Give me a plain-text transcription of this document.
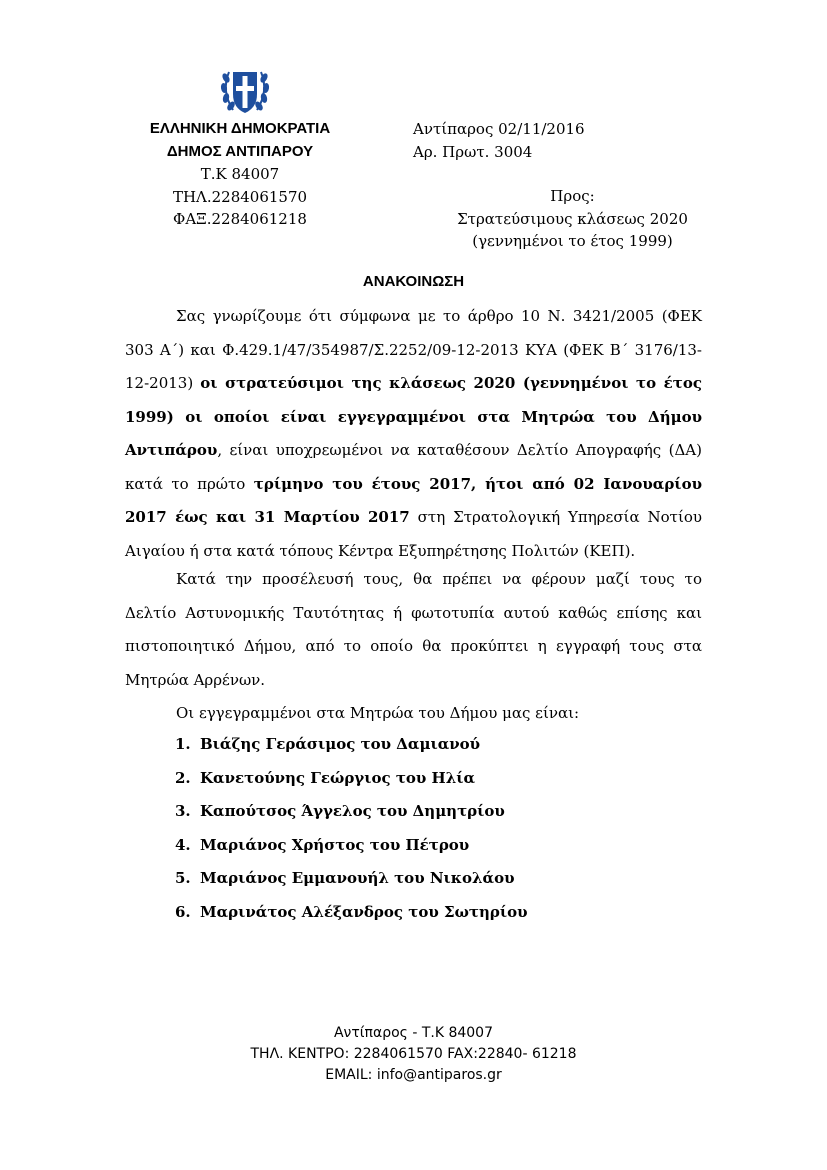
ΕΛΛΗΝΙΚΗ ΔΗΜΟΚΡΑΤΙΑ
ΔΗΜΟΣ ΑΝΤΙΠΑΡΟΥ
Τ.Κ 84007
ΤΗΛ.2284061570
ΦΑΞ.2284061218
Αντίπαρος 02/11/2016
Αρ. Πρωτ. 3004
Προς:
Στρατεύσιμους κλάσεως 2020
(γεννημένοι το έτος 1999)
ΑΝΑΚΟΙΝΩΣΗ
Σας γνωρίζουμε ότι σύμφωνα με το άρθρο 10 Ν. 3421/2005 (ΦΕΚ 303 Α΄) και Φ.429.1/47/354987/Σ.2252/09-12-2013 ΚΥΑ (ΦΕΚ Β΄ 3176/13-12-2013) οι στρατεύσιμοι της κλάσεως 2020 (γεννημένοι το έτος 1999) οι οποίοι είναι εγγεγραμμένοι στα Μητρώα του Δήμου Αντιπάρου, είναι υποχρεωμένοι να καταθέσουν Δελτίο Απογραφής (ΔΑ) κατά το πρώτο τρίμηνο του έτους 2017, ήτοι από 02 Ιανουαρίου 2017 έως και 31 Μαρτίου 2017 στη Στρατολογική Υπηρεσία Νοτίου Αιγαίου ή στα κατά τόπους Κέντρα Εξυπηρέτησης Πολιτών (ΚΕΠ).
Κατά την προσέλευσή τους, θα πρέπει να φέρουν μαζί τους το Δελτίο Αστυνομικής Ταυτότητας ή φωτοτυπία αυτού καθώς επίσης και πιστοποιητικό Δήμου, από το οποίο θα προκύπτει η εγγραφή τους στα Μητρώα Αρρένων.
Οι εγγεγραμμένοι στα Μητρώα του Δήμου μας είναι:
1. Βιάζης Γεράσιμος του Δαμιανού
2. Κανετούνης Γεώργιος του Ηλία
3. Καπούτσος Άγγελος του Δημητρίου
4. Μαριάνος Χρήστος του Πέτρου
5. Μαριάνος Εμμανουήλ του Νικολάου
6. Μαρινάτος Αλέξανδρος του Σωτηρίου
Αντίπαρος - Τ.Κ 84007
ΤΗΛ. ΚΕΝΤΡΟ: 2284061570 FAX:22840- 61218
EMAIL: info@antiparos.gr
